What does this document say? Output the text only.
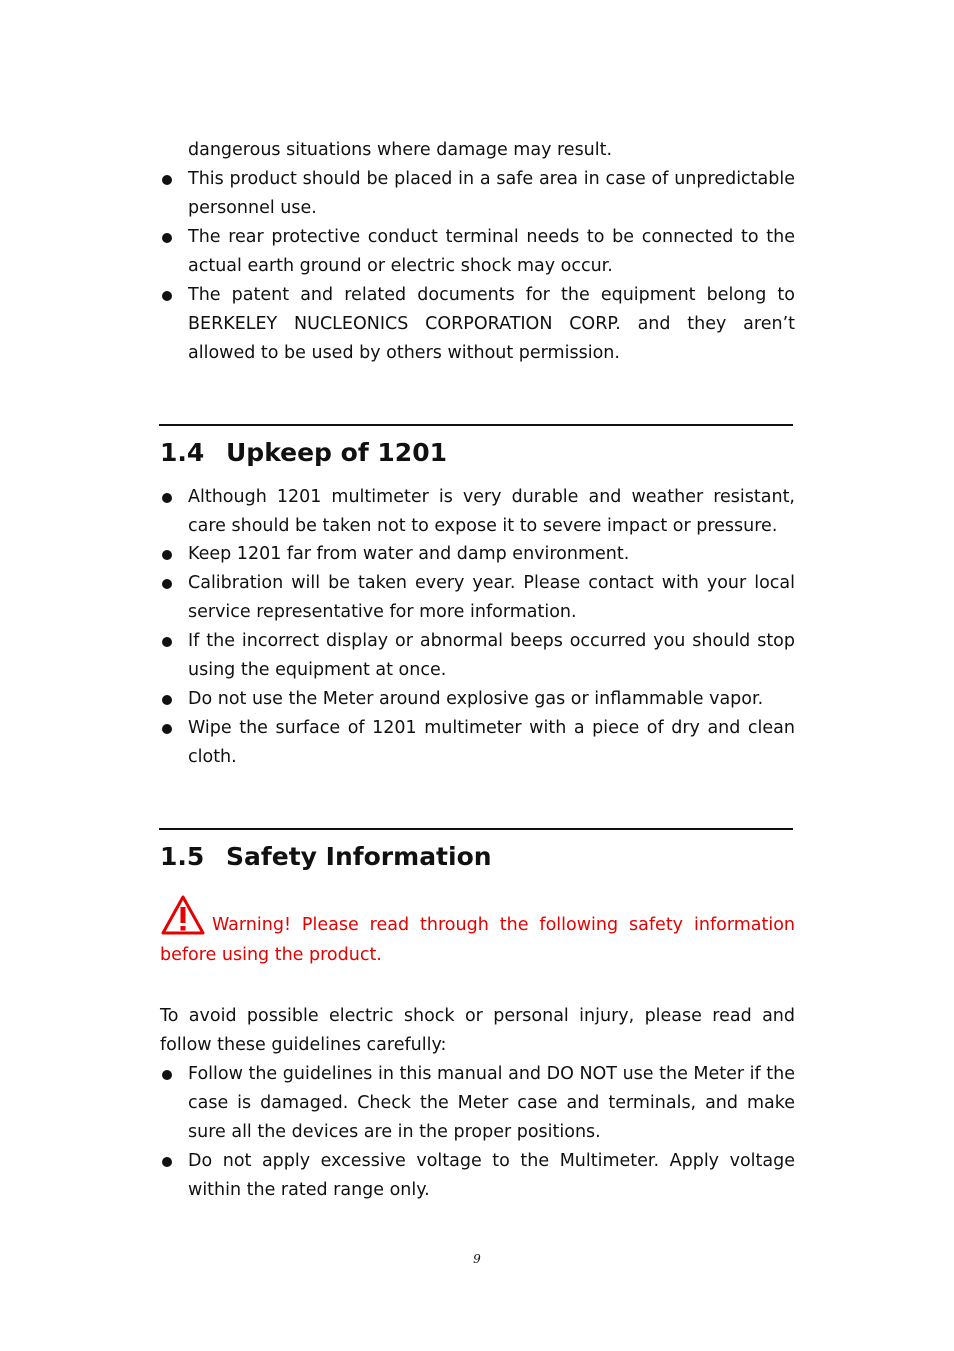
dangerous situations where damage may result.

This product should be placed in a safe area in case of unpredictable personnel use.
The rear protective conduct terminal needs to be connected to the actual earth ground or electric shock may occur.
The patent and related documents for the equipment belong to BERKELEY NUCLEONICS CORPORATION CORP. and they aren’t allowed to be used by others without permission.
1.4 Upkeep of 1201
Although 1201 multimeter is very durable and weather resistant, care should be taken not to expose it to severe impact or pressure.
Keep 1201 far from water and damp environment.
Calibration will be taken every year. Please contact with your local service representative for more information.
If the incorrect display or abnormal beeps occurred you should stop using the equipment at once.
Do not use the Meter around explosive gas or inflammable vapor.
Wipe the surface of 1201 multimeter with a piece of dry and clean cloth.
1.5 Safety Information
Warning! Please read through the following safety information before using the product.

To avoid possible electric shock or personal injury, please read and follow these guidelines carefully:

Follow the guidelines in this manual and DO NOT use the Meter if the case is damaged. Check the Meter case and terminals, and make sure all the devices are in the proper positions.
Do not apply excessive voltage to the Multimeter. Apply voltage within the rated range only.
9
